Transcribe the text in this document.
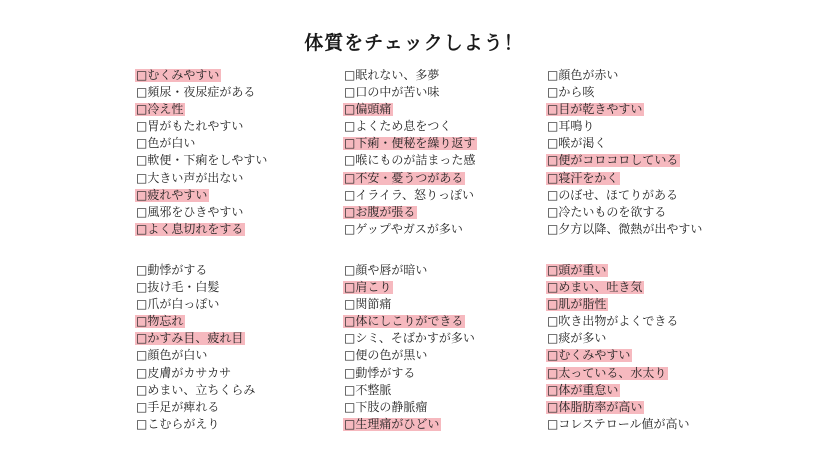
体質をチェックしよう！
□むくみやすい
□頻尿・夜尿症がある
□冷え性
□胃がもたれやすい
□色が白い
□軟便・下痢をしやすい
□大きい声が出ない
□疲れやすい
□風邪をひきやすい
□よく息切れをする
□眠れない、多夢
□口の中が苦い味
□偏頭痛
□よくため息をつく
□下痢・便秘を繰り返す
□喉にものが詰まった感
□不安・憂うつがある
□イライラ、怒りっぽい
□お腹が張る
□ゲップやガスが多い
□顔色が赤い
□から咳
□目が乾きやすい
□耳鳴り
□喉が渇く
□便がコロコロしている
□寝汗をかく
□のぼせ、ほてりがある
□冷たいものを欲する
□夕方以降、微熱が出やすい
□動悸がする
□抜け毛・白髪
□爪が白っぽい
□物忘れ
□かすみ目、疲れ目
□顔色が白い
□皮膚がカサカサ
□めまい、立ちくらみ
□手足が痺れる
□こむらがえり
□顔や唇が暗い
□肩こり
□関節痛
□体にしこりができる
□シミ、そばかすが多い
□便の色が黒い
□動悸がする
□不整脈
□下肢の静脈瘤
□生理痛がひどい
□頭が重い
□めまい、吐き気
□肌が脂性
□吹き出物がよくできる
□痰が多い
□むくみやすい
□太っている、水太り
□体が重怠い
□体脂肪率が高い
□コレステロール値が高い
